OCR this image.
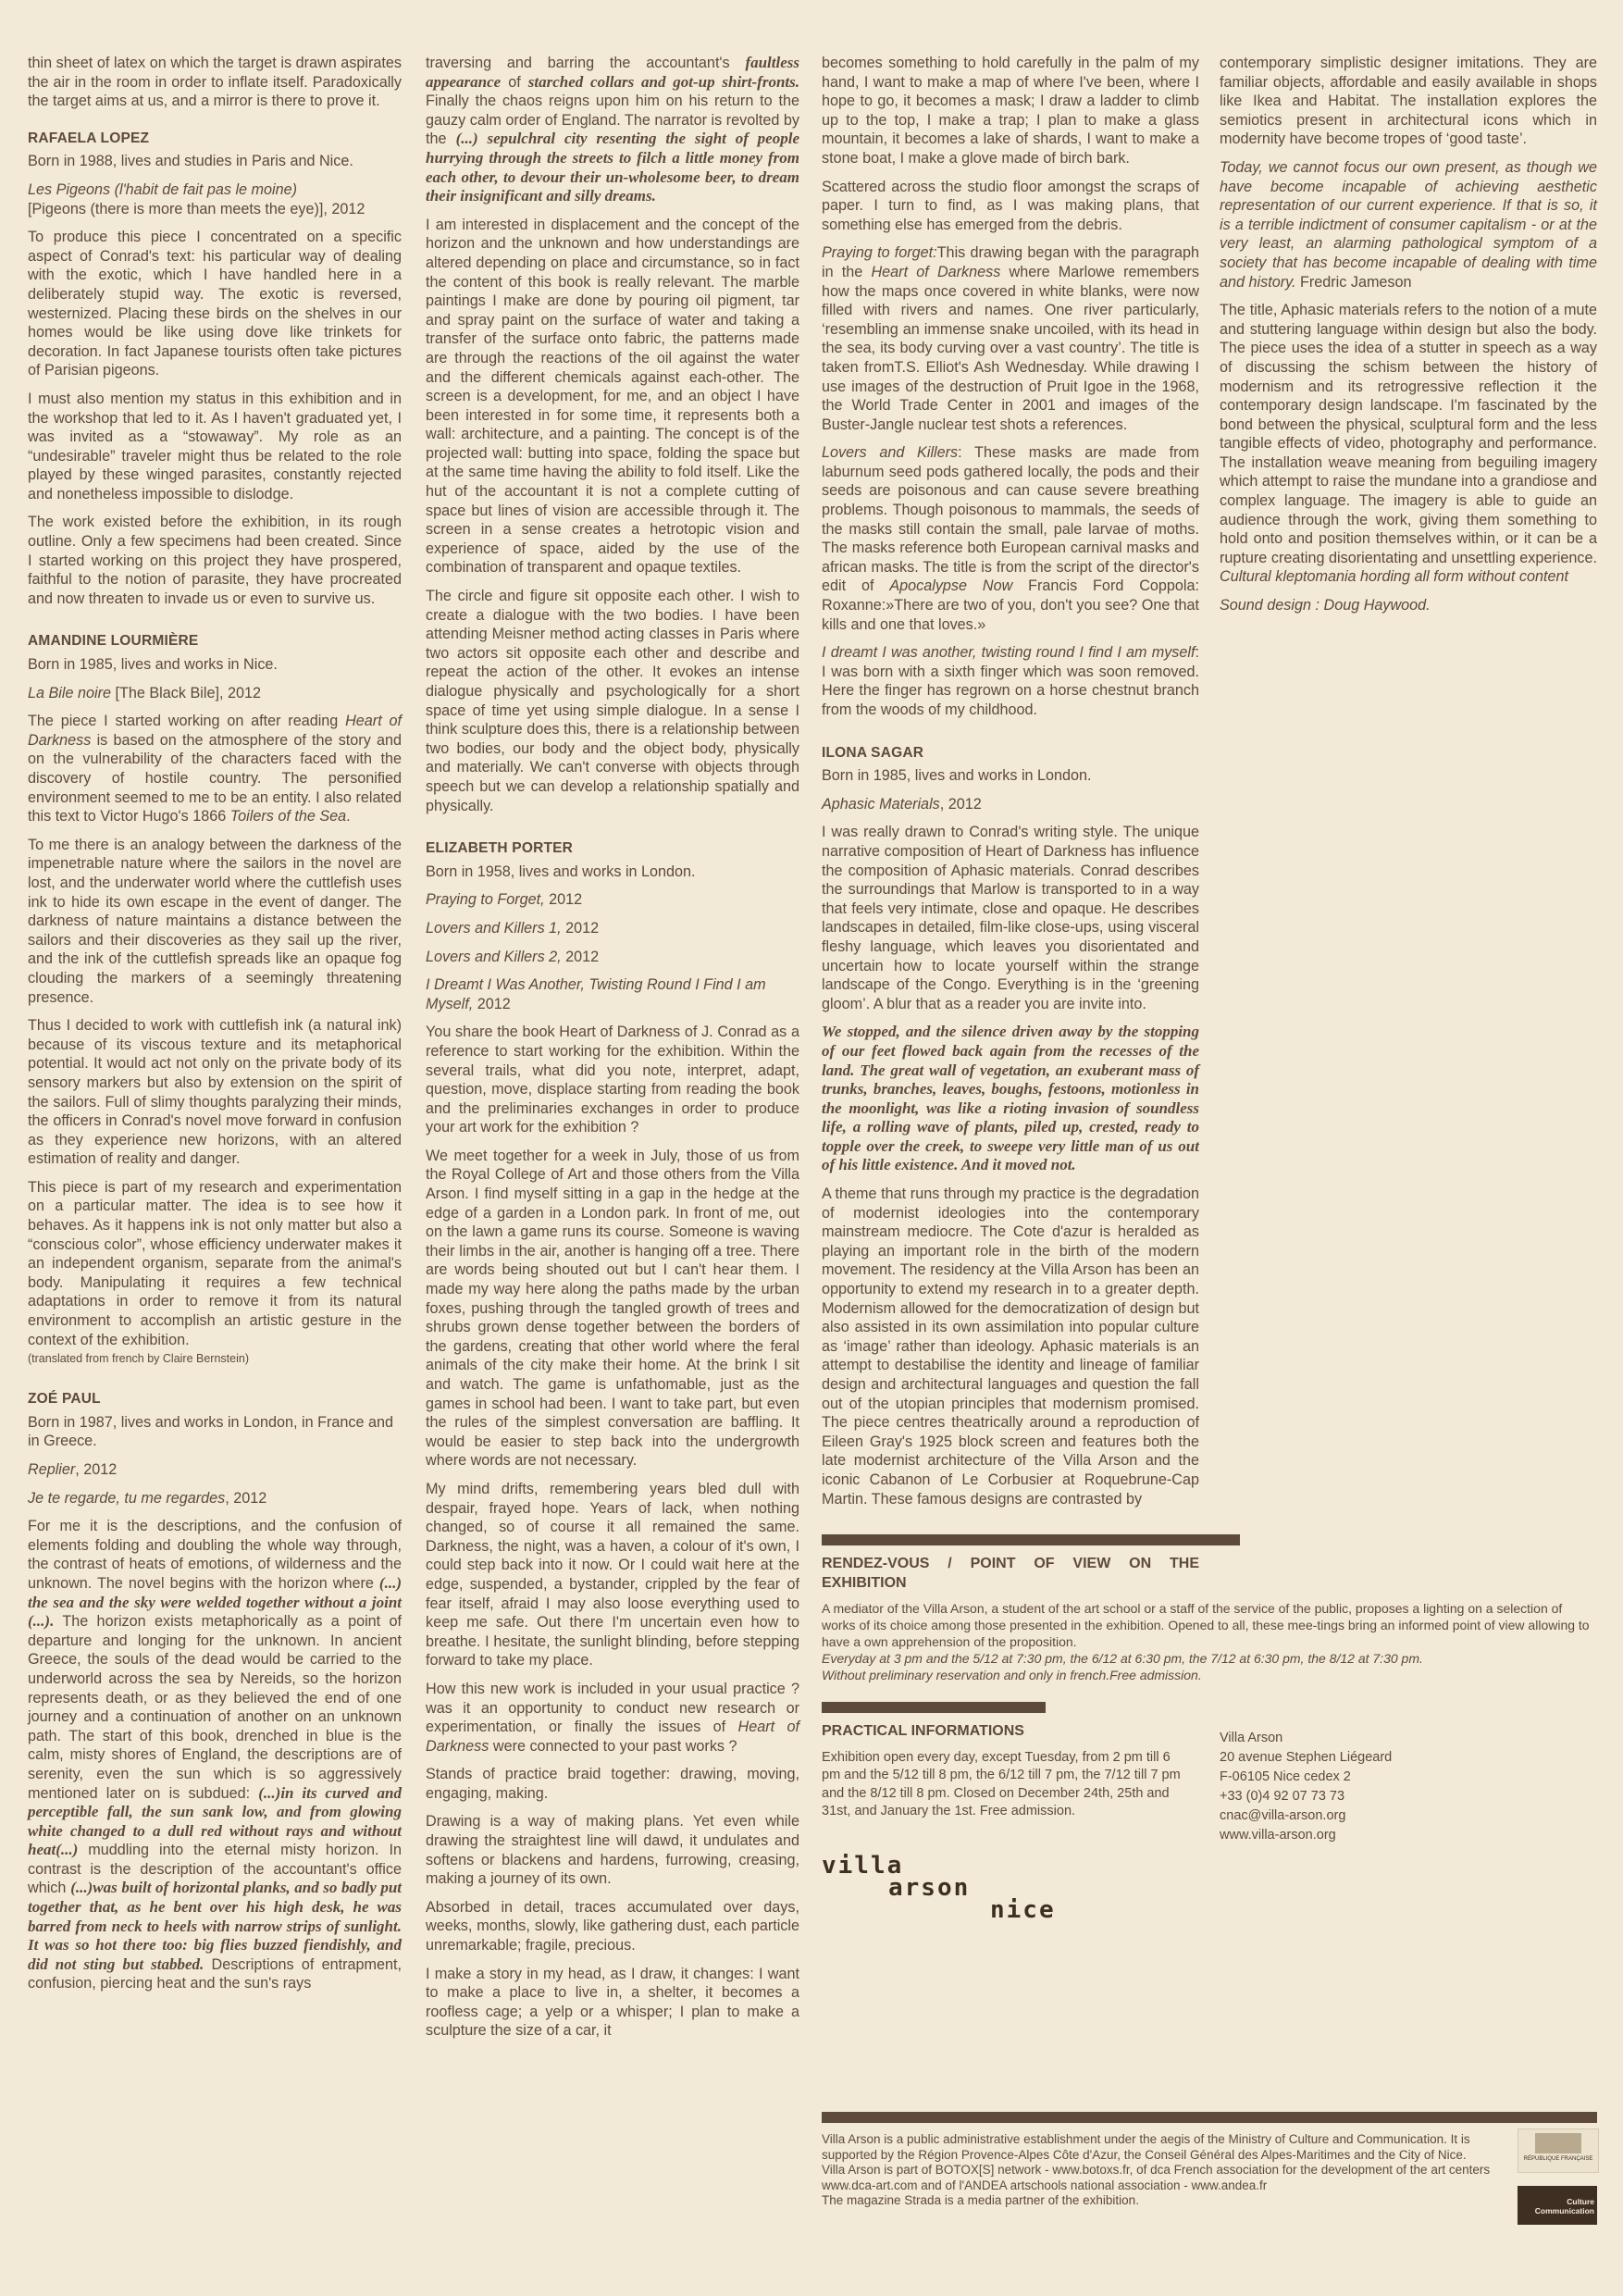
thin sheet of latex on which the target is drawn aspirates the air in the room in order to inflate itself. Paradoxically the target aims at us, and a mirror is there to prove it.

RAFAELA LOPEZ

Born in 1988, lives and studies in Paris and Nice.

Les Pigeons (l'habit de fait pas le moine)
[Pigeons (there is more than meets the eye)], 2012

To produce this piece I concentrated on a specific aspect of Conrad's text: his particular way of dealing with the exotic, which I have handled here in a deliberately stupid way. The exotic is reversed, westernized. Placing these birds on the shelves in our homes would be like using dove like trinkets for decoration. In fact Japanese tourists often take pictures of Parisian pigeons.

I must also mention my status in this exhibition and in the workshop that led to it. As I haven't graduated yet, I was invited as a “stowaway”. My role as an “undesirable” traveler might thus be related to the role played by these winged parasites, constantly rejected and nonetheless impossible to dislodge.

The work existed before the exhibition, in its rough outline. Only a few specimens had been created. Since I started working on this project they have prospered, faithful to the notion of parasite, they have procreated and now threaten to invade us or even to survive us.

AMANDINE LOURMIÈRE

Born in 1985, lives and works in Nice.

La Bile noire [The Black Bile], 2012

The piece I started working on after reading Heart of Darkness is based on the atmosphere of the story and on the vulnerability of the characters faced with the discovery of hostile country. The personified environment seemed to me to be an entity. I also related this text to Victor Hugo's 1866 Toilers of the Sea.

To me there is an analogy between the darkness of the impenetrable nature where the sailors in the novel are lost, and the underwater world where the cuttlefish uses ink to hide its own escape in the event of danger. The darkness of nature maintains a distance between the sailors and their discoveries as they sail up the river, and the ink of the cuttlefish spreads like an opaque fog clouding the markers of a seemingly threatening presence.

Thus I decided to work with cuttlefish ink (a natural ink) because of its viscous texture and its metaphorical potential. It would act not only on the private body of its sensory markers but also by extension on the spirit of the sailors. Full of slimy thoughts paralyzing their minds, the officers in Conrad's novel move forward in confusion as they experience new horizons, with an altered estimation of reality and danger.

This piece is part of my research and experimentation on a particular matter. The idea is to see how it behaves. As it happens ink is not only matter but also a “conscious color”, whose efficiency underwater makes it an independent organism, separate from the animal's body. Manipulating it requires a few technical adaptations in order to remove it from its natural environment to accomplish an artistic gesture in the context of the exhibition.

(translated from french by Claire Bernstein)

ZOÉ PAUL

Born in 1987, lives and works in London, in France and in Greece.

Replier, 2012

Je te regarde, tu me regardes, 2012

For me it is the descriptions, and the confusion of elements folding and doubling the whole way through, the contrast of heats of emotions, of wilderness and the unknown. The novel begins with the horizon where (...) the sea and the sky were welded together without a joint (...). The horizon exists metaphorically as a point of departure and longing for the unknown. In ancient Greece, the souls of the dead would be carried to the underworld across the sea by Nereids, so the horizon represents death, or as they believed the end of one journey and a continuation of another on an unknown path. The start of this book, drenched in blue is the calm, misty shores of England, the descriptions are of serenity, even the sun which is so aggressively mentioned later on is subdued: (...)in its curved and perceptible fall, the sun sank low, and from glowing white changed to a dull red without rays and without heat(...) muddling into the eternal misty horizon. In contrast is the description of the accountant's office which (...)was built of horizontal planks, and so badly put together that, as he bent over his high desk, he was barred from neck to heels with narrow strips of sunlight. It was so hot there too: big flies buzzed fiendishly, and did not sting but stabbed. Descriptions of entrapment, confusion, piercing heat and the sun's rays

traversing and barring the accountant's faultless appearance of starched collars and got-up shirt-fronts. Finally the chaos reigns upon him on his return to the gauzy calm order of England. The narrator is revolted by the (...) sepulchral city resenting the sight of people hurrying through the streets to filch a little money from each other, to devour their un-wholesome beer, to dream their insignificant and silly dreams.

I am interested in displacement and the concept of the horizon and the unknown and how understandings are altered depending on place and circumstance, so in fact the content of this book is really relevant. The marble paintings I make are done by pouring oil pigment, tar and spray paint on the surface of water and taking a transfer of the surface onto fabric, the patterns made are through the reactions of the oil against the water and the different chemicals against each-other. The screen is a development, for me, and an object I have been interested in for some time, it represents both a wall: architecture, and a painting. The concept is of the projected wall: butting into space, folding the space but at the same time having the ability to fold itself. Like the hut of the accountant it is not a complete cutting of space but lines of vision are accessible through it. The screen in a sense creates a hetrotopic vision and experience of space, aided by the use of the combination of transparent and opaque textiles.

The circle and figure sit opposite each other. I wish to create a dialogue with the two bodies. I have been attending Meisner method acting classes in Paris where two actors sit opposite each other and describe and repeat the action of the other. It evokes an intense dialogue physically and psychologically for a short space of time yet using simple dialogue. In a sense I think sculpture does this, there is a relationship between two bodies, our body and the object body, physically and materially. We can't converse with objects through speech but we can develop a relationship spatially and physically.

ELIZABETH PORTER

Born in 1958, lives and works in London.

Praying to Forget, 2012

Lovers and Killers 1, 2012

Lovers and Killers 2, 2012

I Dreamt I Was Another, Twisting Round I Find I am Myself, 2012

You share the book Heart of Darkness of J. Conrad as a reference to start working for the exhibition. Within the several trails, what did you note, interpret, adapt, question, move, displace starting from reading the book and the preliminaries exchanges in order to produce your art work for the exhibition ?

We meet together for a week in July, those of us from the Royal College of Art and those others from the Villa Arson. I find myself sitting in a gap in the hedge at the edge of a garden in a London park. In front of me, out on the lawn a game runs its course. Someone is waving their limbs in the air, another is hanging off a tree. There are words being shouted out but I can't hear them. I made my way here along the paths made by the urban foxes, pushing through the tangled growth of trees and shrubs grown dense together between the borders of the gardens, creating that other world where the feral animals of the city make their home. At the brink I sit and watch. The game is unfathomable, just as the games in school had been. I want to take part, but even the rules of the simplest conversation are baffling. It would be easier to step back into the undergrowth where words are not necessary.

My mind drifts, remembering years bled dull with despair, frayed hope. Years of lack, when nothing changed, so of course it all remained the same. Darkness, the night, was a haven, a colour of it's own, I could step back into it now. Or I could wait here at the edge, suspended, a bystander, crippled by the fear of fear itself, afraid I may also loose everything used to keep me safe. Out there I'm uncertain even how to breathe. I hesitate, the sunlight blinding, before stepping forward to take my place.

How this new work is included in your usual practice ? was it an opportunity to conduct new research or experimentation, or finally the issues of Heart of Darkness were connected to your past works ?

Stands of practice braid together: drawing, moving, engaging, making.

Drawing is a way of making plans. Yet even while drawing the straightest line will dawd, it undulates and softens or blackens and hardens, furrowing, creasing, making a journey of its own.

Absorbed in detail, traces accumulated over days, weeks, months, slowly, like gathering dust, each particle unremarkable; fragile, precious.

I make a story in my head, as I draw, it changes: I want to make a place to live in, a shelter, it becomes a roofless cage; a yelp or a whisper; I plan to make a sculpture the size of a car, it

becomes something to hold carefully in the palm of my hand, I want to make a map of where I've been, where I hope to go, it becomes a mask; I draw a ladder to climb up to the top, I make a trap; I plan to make a glass mountain, it becomes a lake of shards, I want to make a stone boat, I make a glove made of birch bark.

Scattered across the studio floor amongst the scraps of paper. I turn to find, as I was making plans, that something else has emerged from the debris.

Praying to forget:This drawing began with the paragraph in the Heart of Darkness where Marlowe remembers how the maps once covered in white blanks, were now filled with rivers and names. One river particularly, ‘resembling an immense snake uncoiled, with its head in the sea, its body curving over a vast country’. The title is taken fromT.S. Elliot's Ash Wednesday. While drawing I use images of the destruction of Pruit Igoe in the 1968, the World Trade Center in 2001 and images of the Buster-Jangle nuclear test shots a references.

Lovers and Killers: These masks are made from laburnum seed pods gathered locally, the pods and their seeds are poisonous and can cause severe breathing problems. Though poisonous to mammals, the seeds of the masks still contain the small, pale larvae of moths. The masks reference both European carnival masks and african masks. The title is from the script of the director's edit of Apocalypse Now Francis Ford Coppola: Roxanne:»There are two of you, don't you see? One that kills and one that loves.»

I dreamt I was another, twisting round I find I am myself: I was born with a sixth finger which was soon removed. Here the finger has regrown on a horse chestnut branch from the woods of my childhood.

ILONA SAGAR

Born in 1985, lives and works in London.

Aphasic Materials, 2012

I was really drawn to Conrad's writing style. The unique narrative composition of Heart of Darkness has influence the composition of Aphasic materials. Conrad describes the surroundings that Marlow is transported to in a way that feels very intimate, close and opaque. He describes landscapes in detailed, film-like close-ups, using visceral fleshy language, which leaves you disorientated and uncertain how to locate yourself within the strange landscape of the Congo. Everything is in the ‘greening gloom’. A blur that as a reader you are invite into.

We stopped, and the silence driven away by the stopping of our feet flowed back again from the recesses of the land. The great wall of vegetation, an exuberant mass of trunks, branches, leaves, boughs, festoons, motionless in the moonlight, was like a rioting invasion of soundless life, a rolling wave of plants, piled up, crested, ready to topple over the creek, to sweepe very little man of us out of his little existence. And it moved not.

A theme that runs through my practice is the degradation of modernist ideologies into the contemporary mainstream mediocre. The Cote d'azur is heralded as playing an important role in the birth of the modern movement. The residency at the Villa Arson has been an opportunity to extend my research in to a greater depth. Modernism allowed for the democratization of design but also assisted in its own assimilation into popular culture as ‘image’ rather than ideology. Aphasic materials is an attempt to destabilise the identity and lineage of familiar design and architectural languages and question the fall out of the utopian principles that modernism promised. The piece centres theatrically around a reproduction of Eileen Gray's 1925 block screen and features both the late modernist architecture of the Villa Arson and the iconic Cabanon of Le Corbusier at Roquebrune-Cap Martin. These famous designs are contrasted by

RENDEZ-VOUS / POINT OF VIEW ON THE EXHIBITION
A mediator of the Villa Arson, a student of the art school or a staff of the service of the public, proposes a lighting on a selection of works of its choice among those presented in the exhibition. Opened to all, these mee-tings bring an informed point of view allowing to have a own apprehension of the proposition.
Everyday at 3 pm and the 5/12 at 7:30 pm, the 6/12 at 6:30 pm, the 7/12 at 6:30 pm, the 8/12 at 7:30 pm.
Without preliminary reservation and only in french.Free admission.
PRACTICAL INFORMATIONS
Exhibition open every day, except Tuesday, from 2 pm till 6 pm and the 5/12 till 8 pm, the 6/12 till 7 pm, the 7/12 till 7 pm and the 8/12 till 8 pm. Closed on December 24th, 25th and 31st, and January the 1st. Free admission.
Villa Arson
20 avenue Stephen Liégeard
F-06105 Nice cedex 2
+33 (0)4 92 07 73 73
cnac@villa-arson.org
www.villa-arson.org
villa
arson
nice

contemporary simplistic designer imitations. They are familiar objects, affordable and easily available in shops like Ikea and Habitat. The installation explores the semiotics present in architectural icons which in modernity have become tropes of ‘good taste’.

Today, we cannot focus our own present, as though we have become incapable of achieving aesthetic representation of our current experience. If that is so, it is a terrible indictment of consumer capitalism - or at the very least, an alarming pathological symptom of a society that has become incapable of dealing with time and history. Fredric Jameson

The title, Aphasic materials refers to the notion of a mute and stuttering language within design but also the body. The piece uses the idea of a stutter in speech as a way of discussing the schism between the history of modernism and its retrogressive reflection it the contemporary design landscape. I'm fascinated by the bond between the physical, sculptural form and the less tangible effects of video, photography and performance. The installation weave meaning from beguiling imagery which attempt to raise the mundane into a grandiose and complex language. The imagery is able to guide an audience through the work, giving them something to hold onto and position themselves within, or it can be a rupture creating disorientating and unsettling experience. Cultural kleptomania hording all form without content

Sound design : Doug Haywood.

Villa Arson is a public administrative establishment under the aegis of the Ministry of Culture and Communication. It is supported by the Région Provence-Alpes Côte d'Azur, the Conseil Général des Alpes-Maritimes and the City of Nice.
Villa Arson is part of BOTOX[S] network - www.botoxs.fr, of dca French association for the development of the art centers www.dca-art.com and of l'ANDEA artschools national association - www.andea.fr
The magazine Strada is a media partner of the exhibition.
RÉPUBLIQUE FRANÇAISE
Culture Communication
